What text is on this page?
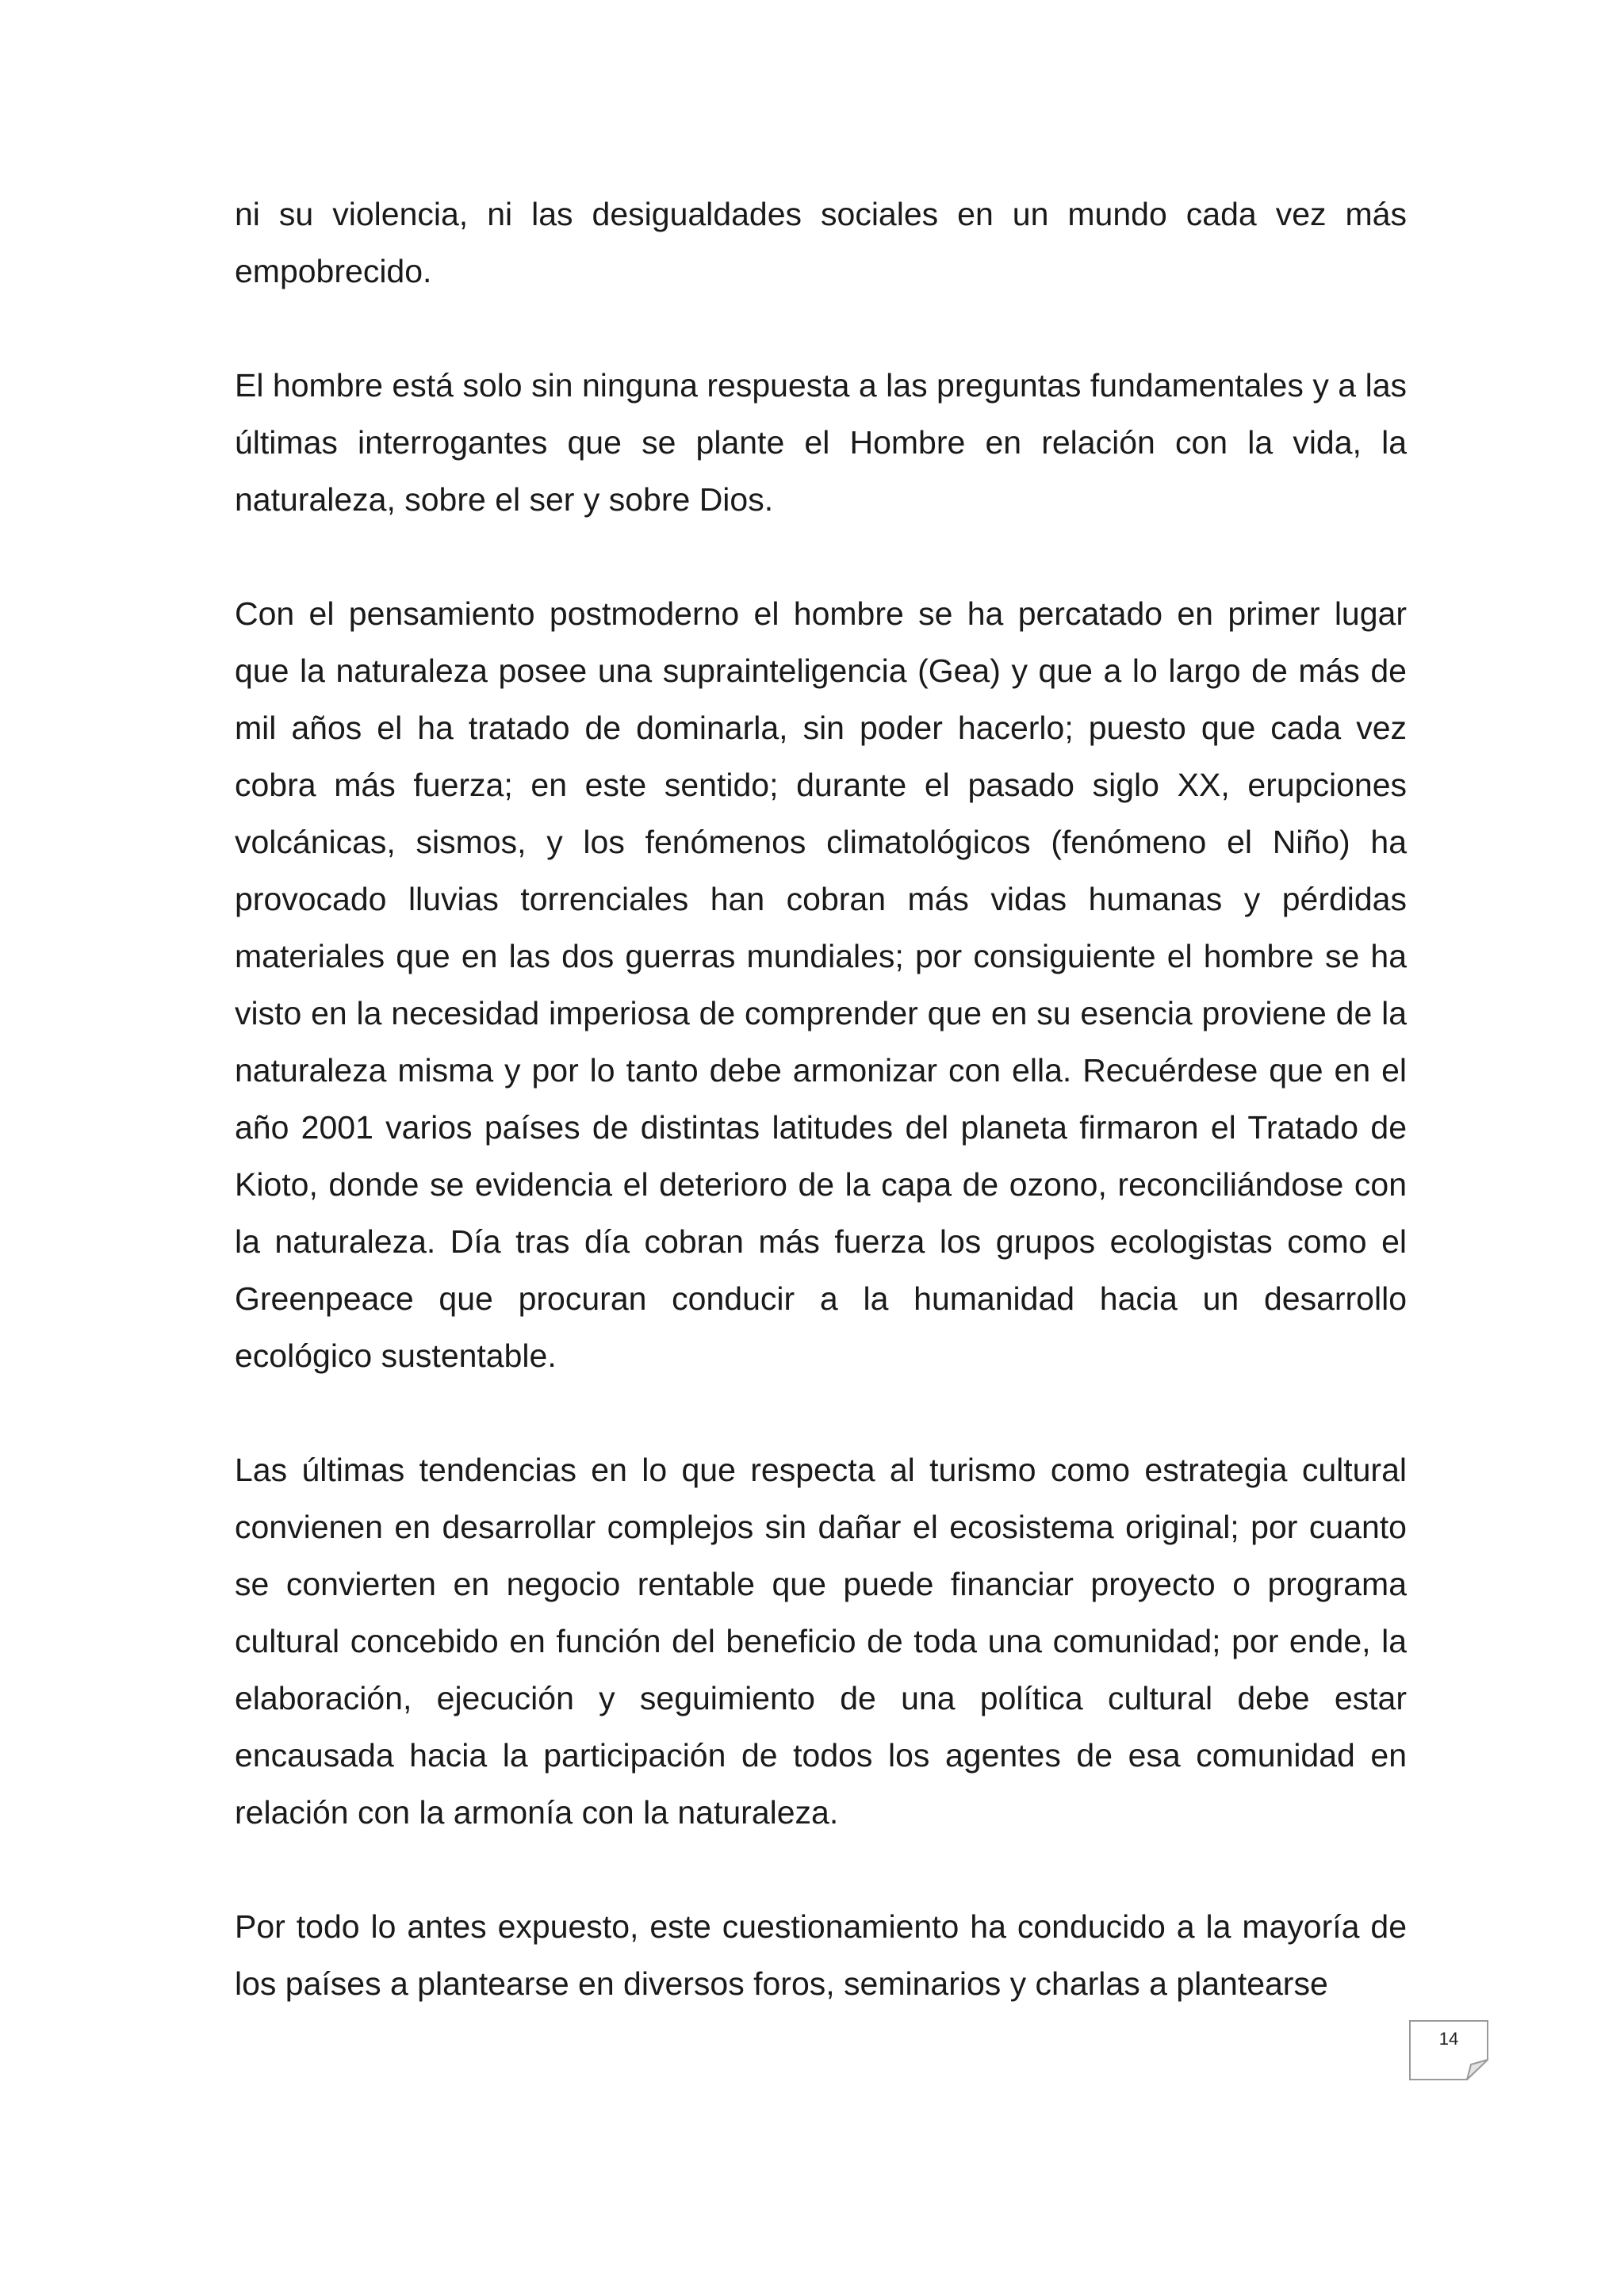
ni su violencia, ni las desigualdades sociales en un mundo cada vez más empobrecido.

El hombre está solo sin ninguna respuesta a las preguntas fundamentales y a las últimas interrogantes que se plante el Hombre en relación con la vida, la naturaleza, sobre el ser y sobre Dios.

Con el pensamiento postmoderno el hombre se ha percatado en primer lugar que la naturaleza posee una suprainteligencia (Gea) y que a lo largo de más de mil años el ha tratado de dominarla, sin poder hacerlo; puesto que cada vez cobra más fuerza; en este sentido; durante el pasado siglo XX, erupciones volcánicas, sismos, y los fenómenos climatológicos (fenómeno el Niño) ha provocado lluvias torrenciales han cobran más vidas humanas y pérdidas materiales que en las dos guerras mundiales; por consiguiente el hombre se ha visto en la necesidad imperiosa de comprender que en su esencia proviene de la naturaleza misma y por lo tanto debe armonizar con ella. Recuérdese que en el año 2001 varios países de distintas latitudes del planeta firmaron el Tratado de Kioto, donde se evidencia el deterioro de la capa de ozono, reconciliándose con la naturaleza. Día tras día cobran más fuerza los grupos ecologistas como el Greenpeace que procuran conducir a la humanidad hacia un desarrollo ecológico sustentable.

Las últimas tendencias en lo que respecta al turismo como estrategia cultural convienen en desarrollar complejos sin dañar el ecosistema original; por cuanto se convierten en negocio rentable que puede financiar proyecto o programa cultural concebido en función del beneficio de toda una comunidad; por ende, la elaboración, ejecución y seguimiento de una política cultural debe estar encausada hacia la participación de todos los agentes de esa comunidad en relación con la armonía con la naturaleza.

Por todo lo antes expuesto, este cuestionamiento ha conducido a la mayoría de los países a plantearse en diversos foros, seminarios y charlas a plantearse

14
